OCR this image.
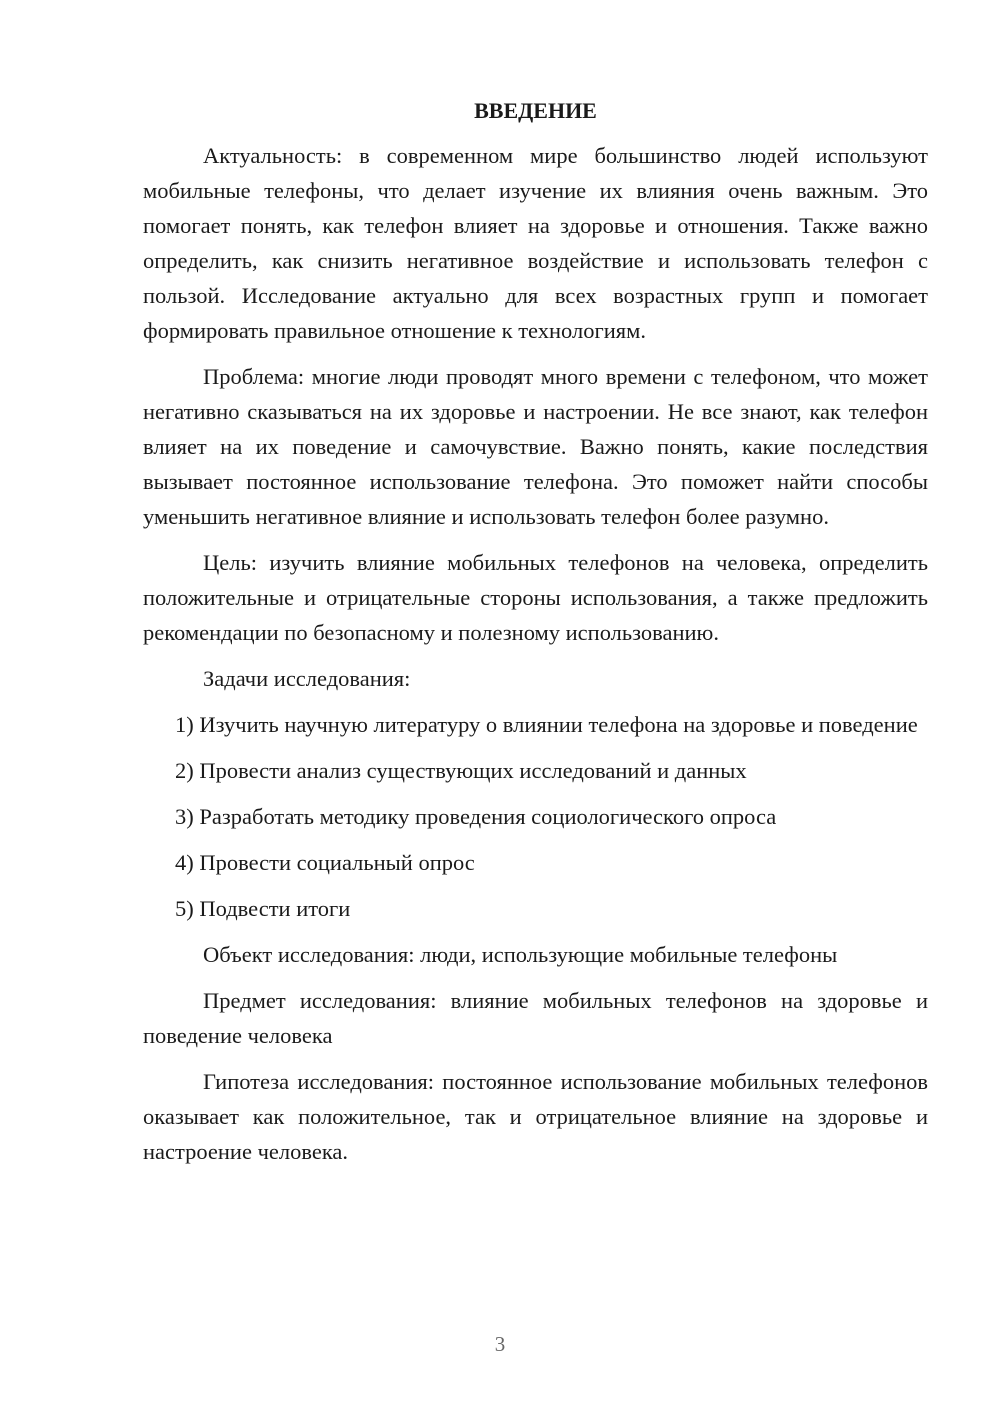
ВВЕДЕНИЕ

Актуальность: в современном мире большинство людей используют мобильные телефоны, что делает изучение их влияния очень важным. Это помогает понять, как телефон влияет на здоровье и отношения. Также важно определить, как снизить негативное воздействие и использовать телефон с пользой. Исследование актуально для всех возрастных групп и помогает формировать правильное отношение к технологиям.

Проблема: многие люди проводят много времени с телефоном, что может негативно сказываться на их здоровье и настроении. Не все знают, как телефон влияет на их поведение и самочувствие. Важно понять, какие последствия вызывает постоянное использование телефона. Это поможет найти способы уменьшить негативное влияние и использовать телефон более разумно.

Цель: изучить влияние мобильных телефонов на человека, определить положительные и отрицательные стороны использования, а также предложить рекомендации по безопасному и полезному использованию.

Задачи исследования:

1) Изучить научную литературу о влиянии телефона на здоровье и поведение

2) Провести анализ существующих исследований и данных

3) Разработать методику проведения социологического опроса

4) Провести социальный опрос

5) Подвести итоги

Объект исследования: люди, использующие мобильные телефоны

Предмет исследования: влияние мобильных телефонов на здоровье и поведение человека

Гипотеза исследования: постоянное использование мобильных телефонов оказывает как положительное, так и отрицательное влияние на здоровье и настроение человека.

3
